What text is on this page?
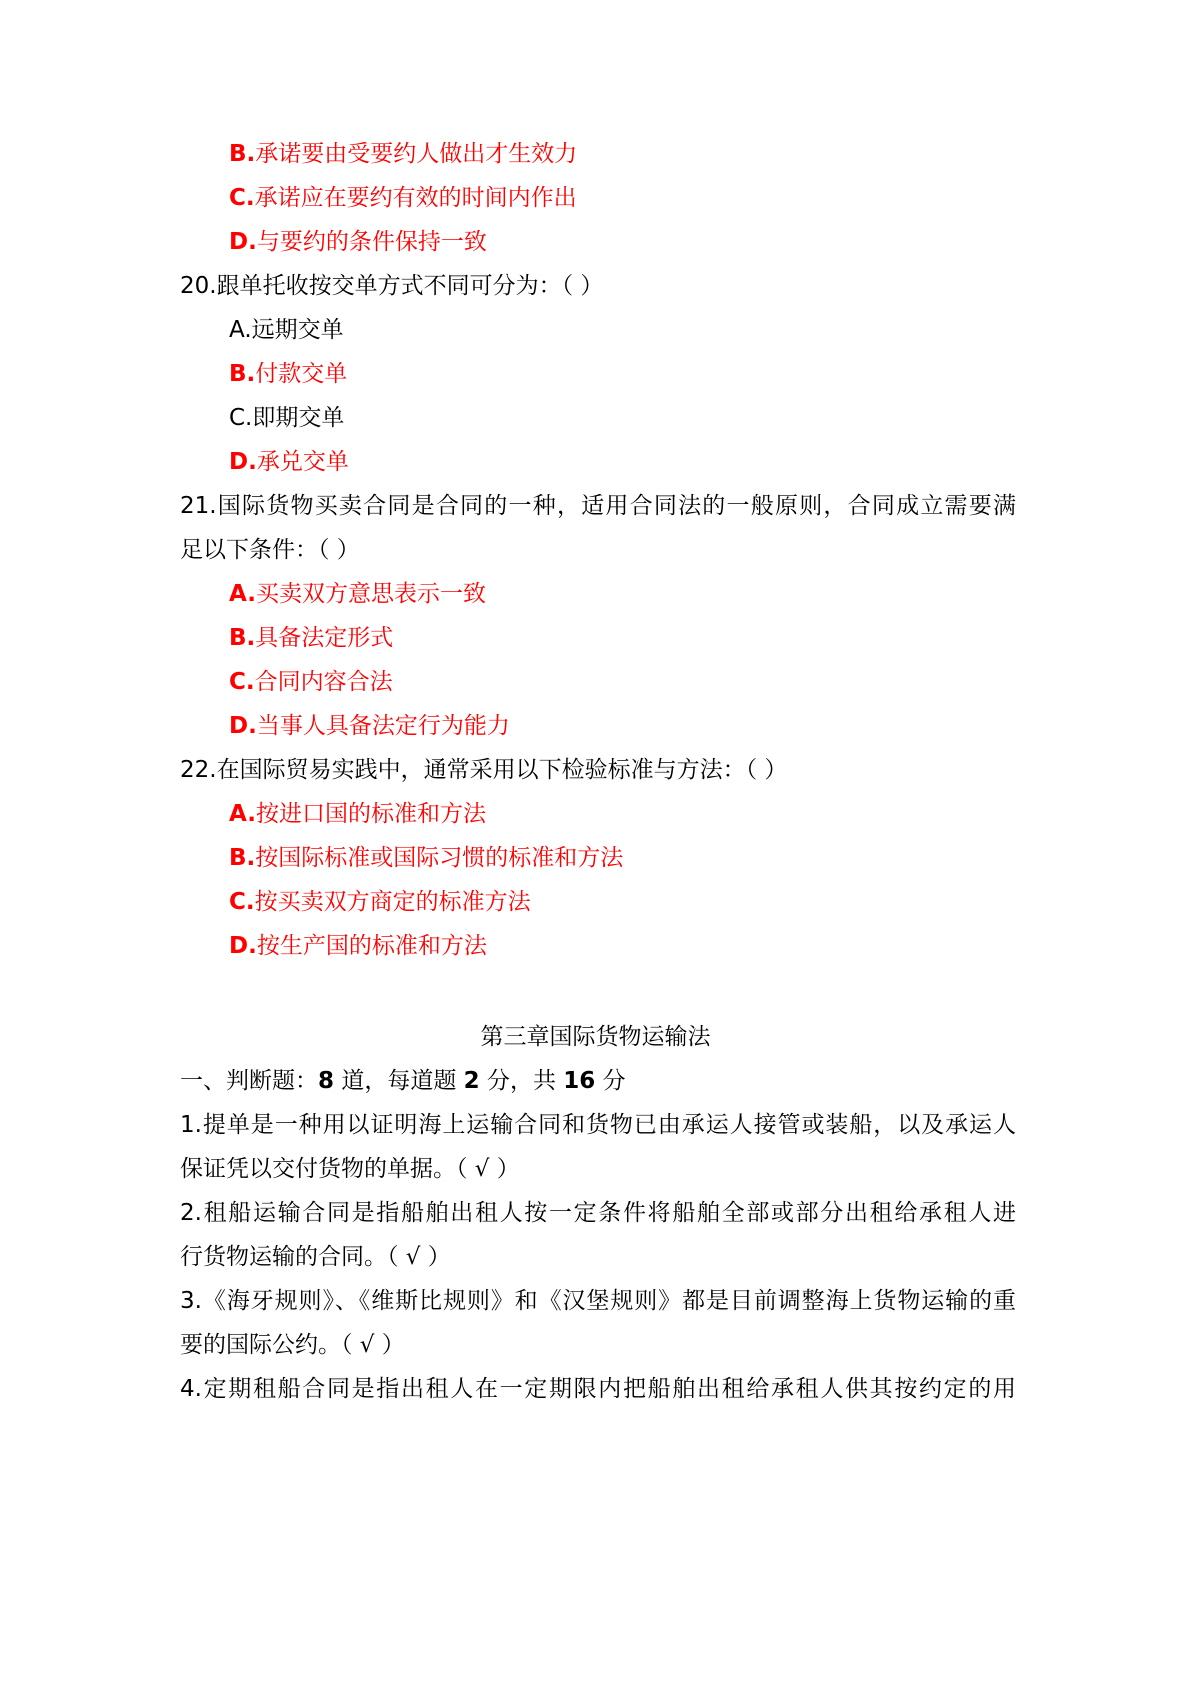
B.承诺要由受要约人做出才生效力
C.承诺应在要约有效的时间内作出
D.与要约的条件保持一致
20.跟单托收按交单方式不同可分为：（ ）
A.远期交单
B.付款交单
C.即期交单
D.承兑交单
21.国际货物买卖合同是合同的一种，适用合同法的一般原则，合同成立需要满
足以下条件：（ ）
A.买卖双方意思表示一致
B.具备法定形式
C.合同内容合法
D.当事人具备法定行为能力
22.在国际贸易实践中，通常采用以下检验标准与方法：（ ）
A.按进口国的标准和方法
B.按国际标准或国际习惯的标准和方法
C.按买卖双方商定的标准方法
D.按生产国的标准和方法
第三章国际货物运输法
一、判断题：8 道，每道题 2 分，共 16 分
1.提单是一种用以证明海上运输合同和货物已由承运人接管或装船，以及承运人
保证凭以交付货物的单据。（ √ ）
2.租船运输合同是指船舶出租人按一定条件将船舶全部或部分出租给承租人进
行货物运输的合同。（ √ ）
3.《海牙规则》、《维斯比规则》和《汉堡规则》都是目前调整海上货物运输的重
要的国际公约。（ √ ）
4.定期租船合同是指出租人在一定期限内把船舶出租给承租人供其按约定的用
